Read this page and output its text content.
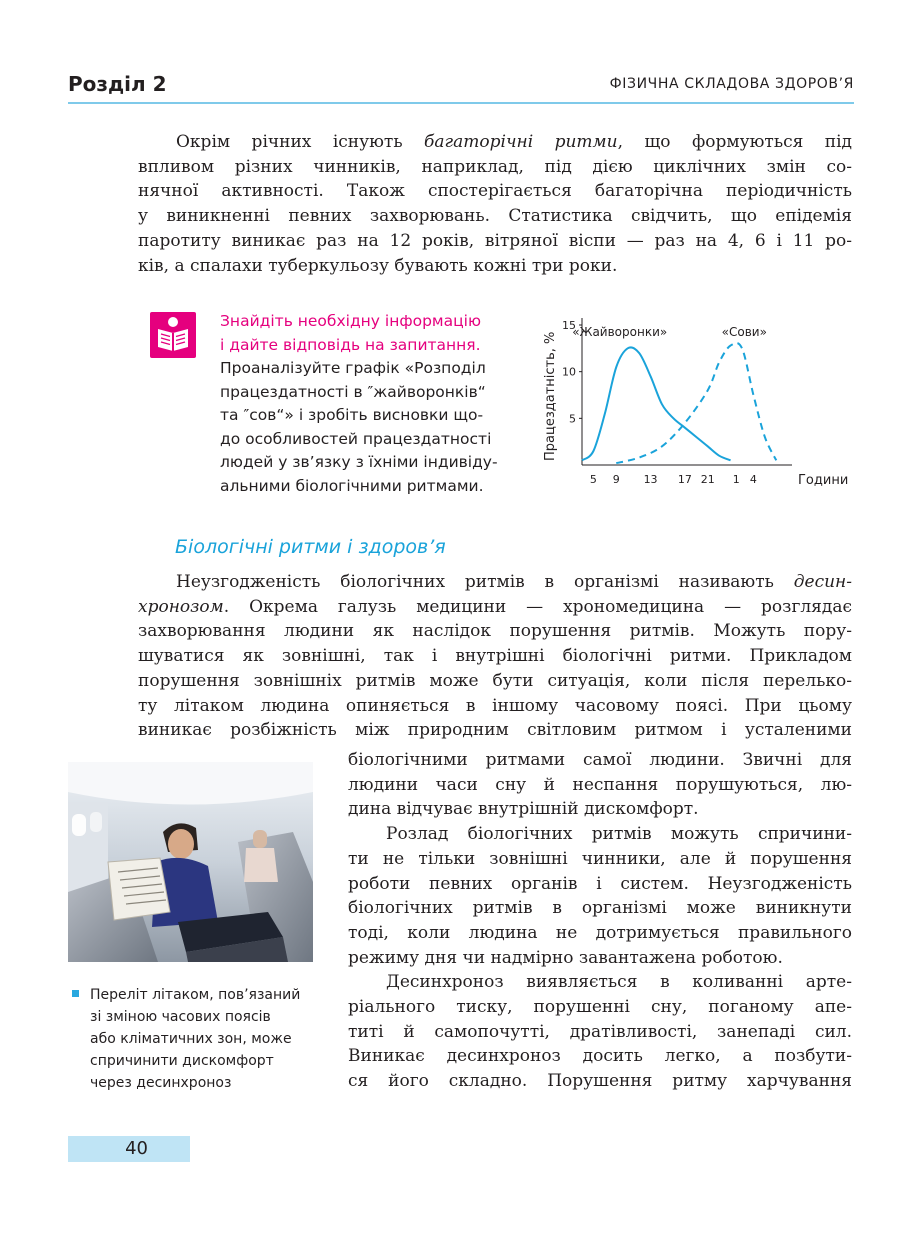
Розділ 2	ФІЗИЧНА СКЛАДОВА ЗДОРОВ’Я
Окрім річних існують багаторічні ритми, що формуються під
впливом різних чинників, наприклад, під дією циклічних змін со-
нячної активності. Також спостерігається багаторічна періодичність
у виникненні певних захворювань. Статистика свідчить, що епідемія
паротиту виникає раз на 12 років, вітряної віспи — раз на 4, 6 і 11 ро-
ків, а спалахи туберкульозу бувають кожні три роки.
Знайдіть необхідну інформацію
і дайте відповідь на запитання.
Проаналізуйте графік «Розподіл
працездатності в ″жайворонків“
та ″сов“» і зробіть висновки що-
до особливостей працездатності
людей у зв’язку з їхніми індивіду-
альними біологічними ритмами.
5
10
15
5 9 13 17 21 1 4
Працездатність, %
Години
«Жайворонки»	«Сови»
Біологічні ритми і здоров’я
Неузгодженість біологічних ритмів в організмі називають десин-
хронозом. Окрема галузь медицини — хрономедицина — розглядає
захворювання людини як наслідок порушення ритмів. Можуть пору-
шуватися як зовнішні, так і внутрішні біологічні ритми. Прикладом
порушення зовнішніх ритмів може бути ситуація, коли після перелько-
ту літаком людина опиняється в іншому часовому поясі. При цьому
виникає розбіжність між природним світловим ритмом і усталеними
біологічними ритмами самої людини. Звичні для
людини часи сну й неспання порушуються, лю-
дина відчуває внутрішній дискомфорт.
Розлад біологічних ритмів можуть спричини-
ти не тільки зовнішні чинники, але й порушення
роботи певних органів і систем. Неузгодженість
біологічних ритмів в організмі може виникнути
тоді, коли людина не дотримується правильного
режиму дня чи надмірно завантажена роботою.
Десинхроноз виявляється в коливанні арте-
ріального тиску, порушенні сну, поганому апе-
титі й самопочутті, дратівливості, занепаді сил.
Виникає десинхроноз досить легко, а позбути-
ся його складно. Порушення ритму харчування
Переліт літаком, пов’язаний
зі зміною часових поясів
або кліматичних зон, може
спричинити дискомфорт
через десинхроноз
40
